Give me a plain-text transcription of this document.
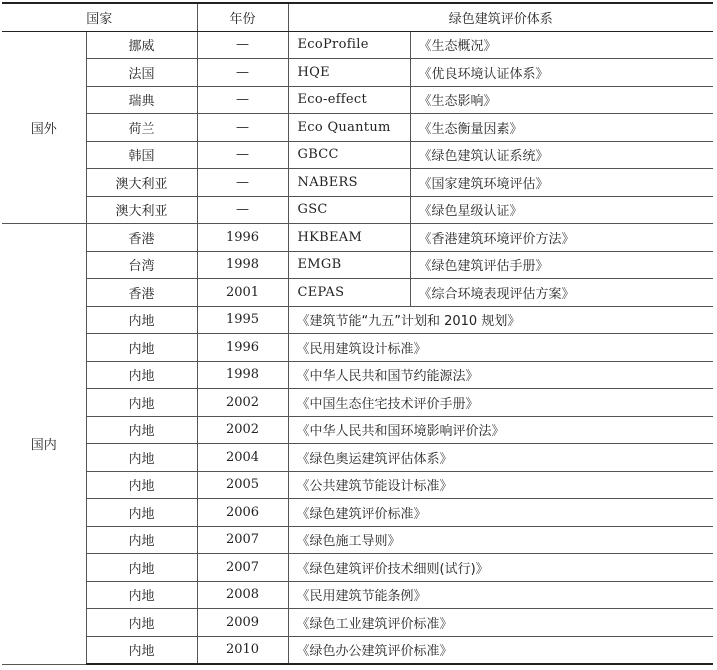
国家		年份	绿色建筑评价体系	
国外	挪威	—	EcoProfile	《生态概况》
	法国	—	HQE	《优良环境认证体系》
	瑞典	—	Eco-effect	《生态影响》
	荷兰	—	Eco Quantum	《生态衡量因素》
	韩国	—	GBCC	《绿色建筑认证系统》
	澳大利亚	—	NABERS	《国家建筑环境评估》
	澳大利亚	—	GSC	《绿色星级认证》
国内	香港	1996	HKBEAM	《香港建筑环境评价方法》
	台湾	1998	EMGB	《绿色建筑评估手册》
	香港	2001	CEPAS	《综合环境表现评估方案》
	内地	1995	《建筑节能“九五”计划和 2010 规划》	
	内地	1996	《民用建筑设计标准》	
	内地	1998	《中华人民共和国节约能源法》	
	内地	2002	《中国生态住宅技术评价手册》	
	内地	2002	《中华人民共和国环境影响评价法》	
	内地	2004	《绿色奥运建筑评估体系》	
	内地	2005	《公共建筑节能设计标准》	
	内地	2006	《绿色建筑评价标准》	
	内地	2007	《绿色施工导则》	
	内地	2007	《绿色建筑评价技术细则(试行)》	
	内地	2008	《民用建筑节能条例》	
	内地	2009	《绿色工业建筑评价标准》	
	内地	2010	《绿色办公建筑评价标准》	
